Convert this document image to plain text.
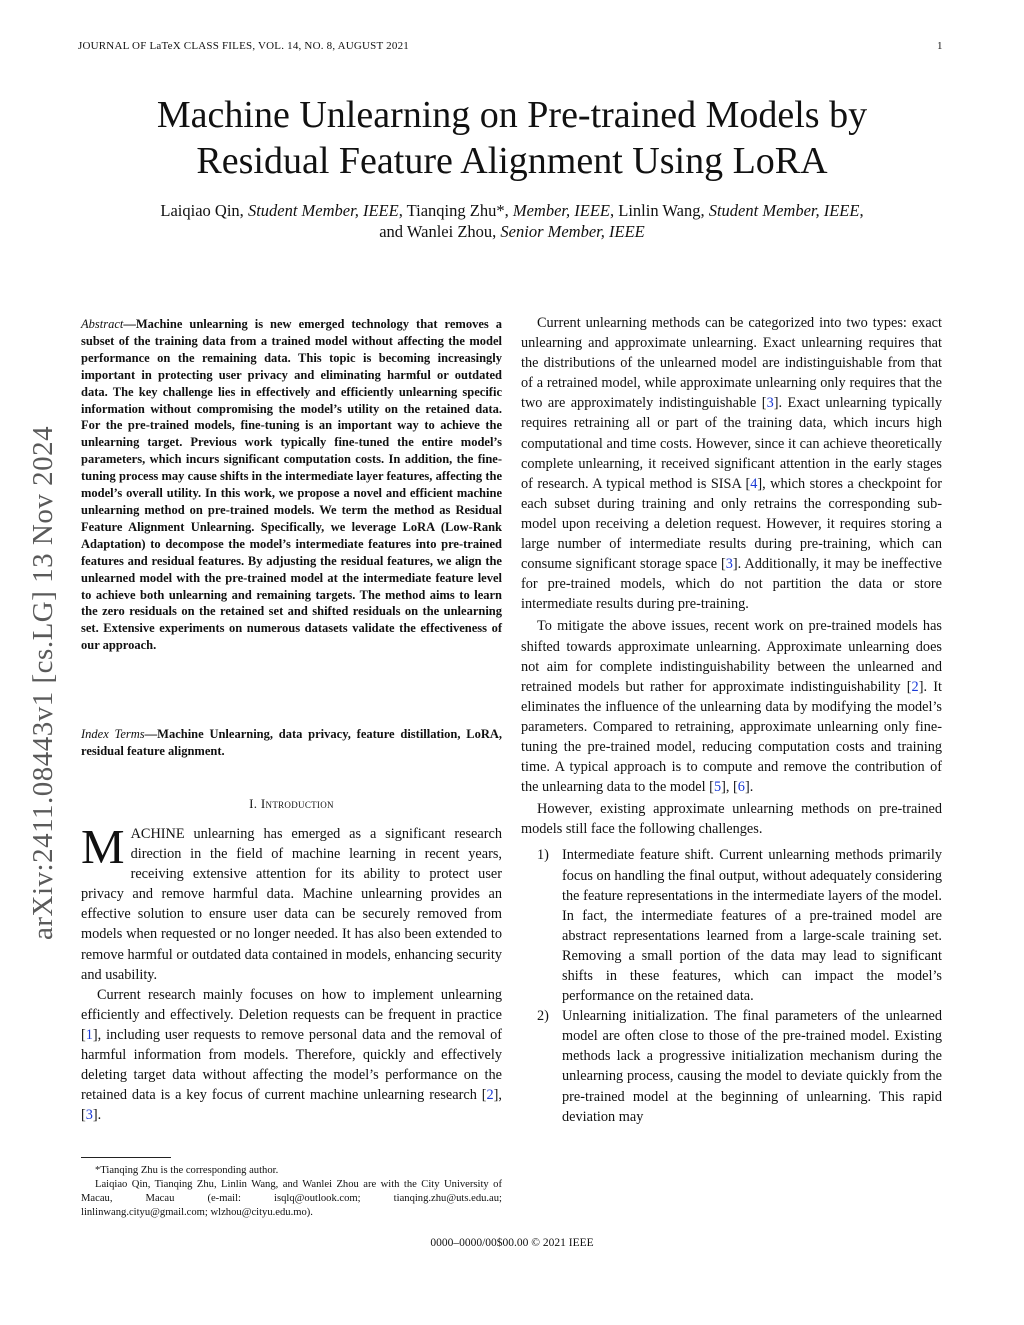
JOURNAL OF LaTeX CLASS FILES, VOL. 14, NO. 8, AUGUST 2021	1
arXiv:2411.08443v1 [cs.LG] 13 Nov 2024
Machine Unlearning on Pre-trained Models by
Residual Feature Alignment Using LoRA
Laiqiao Qin, Student Member, IEEE, Tianqing Zhu*, Member, IEEE, Linlin Wang, Student Member, IEEE,
and Wanlei Zhou, Senior Member, IEEE
Abstract—Machine unlearning is new emerged technology that removes a subset of the training data from a trained model without affecting the model performance on the remaining data. This topic is becoming increasingly important in protecting user privacy and eliminating harmful or outdated data. The key challenge lies in effectively and efficiently unlearning specific information without compromising the model’s utility on the retained data. For the pre-trained models, fine-tuning is an important way to achieve the unlearning target. Previous work typically fine-tuned the entire model’s parameters, which incurs significant computation costs. In addition, the fine-tuning process may cause shifts in the intermediate layer features, affecting the model’s overall utility. In this work, we propose a novel and efficient machine unlearning method on pre-trained models. We term the method as Residual Feature Alignment Unlearning. Specifically, we leverage LoRA (Low-Rank Adaptation) to decompose the model’s intermediate features into pre-trained features and residual features. By adjusting the residual features, we align the unlearned model with the pre-trained model at the intermediate feature level to achieve both unlearning and remaining targets. The method aims to learn the zero residuals on the retained set and shifted residuals on the unlearning set. Extensive experiments on numerous datasets validate the effectiveness of our approach.
Index Terms—Machine Unlearning, data privacy, feature distillation, LoRA, residual feature alignment.
I. Introduction

MACHINE unlearning has emerged as a significant research direction in the field of machine learning in recent years, receiving extensive attention for its ability to protect user privacy and remove harmful data. Machine unlearning provides an effective solution to ensure user data can be securely removed from models when requested or no longer needed. It has also been extended to remove harmful or outdated data contained in models, enhancing security and usability.

Current research mainly focuses on how to implement unlearning efficiently and effectively. Deletion requests can be frequent in practice [1], including user requests to remove personal data and the removal of harmful information from models. Therefore, quickly and effectively deleting target data without affecting the model’s performance on the retained data is a key focus of current machine unlearning research [2], [3].

*Tianqing Zhu is the corresponding author.

Laiqiao Qin, Tianqing Zhu, Linlin Wang, and Wanlei Zhou are with the City University of Macau, Macau (e-mail: isqlq@outlook.com; tianqing.zhu@uts.edu.au; linlinwang.cityu@gmail.com; wlzhou@cityu.edu.mo).

Current unlearning methods can be categorized into two types: exact unlearning and approximate unlearning. Exact unlearning requires that the distributions of the unlearned model are indistinguishable from that of a retrained model, while approximate unlearning only requires that the two are approximately indistinguishable [3]. Exact unlearning typically requires retraining all or part of the training data, which incurs high computational and time costs. However, since it can achieve theoretically complete unlearning, it received significant attention in the early stages of research. A typical method is SISA [4], which stores a checkpoint for each subset during training and only retrains the corresponding sub-model upon receiving a deletion request. However, it requires storing a large number of intermediate results during pre-training, which can consume significant storage space [3]. Additionally, it may be ineffective for pre-trained models, which do not partition the data or store intermediate results during pre-training.

To mitigate the above issues, recent work on pre-trained models has shifted towards approximate unlearning. Approximate unlearning does not aim for complete indistinguishability between the unlearned and retrained models but rather for approximate indistinguishability [2]. It eliminates the influence of the unlearning data by modifying the model’s parameters. Compared to retraining, approximate unlearning only fine-tuning the pre-trained model, reducing computation costs and training time. A typical approach is to compute and remove the contribution of the unlearning data to the model [5], [6].

However, existing approximate unlearning methods on pre-trained models still face the following challenges.

1) Intermediate feature shift. Current unlearning methods primarily focus on handling the final output, without adequately considering the feature representations in the intermediate layers of the model. In fact, the intermediate features of a pre-trained model are abstract representations learned from a large-scale training set. Removing a small portion of the data may lead to significant shifts in these features, which can impact the model’s performance on the retained data.
2) Unlearning initialization. The final parameters of the unlearned model are often close to those of the pre-trained model. Existing methods lack a progressive initialization mechanism during the unlearning process, causing the model to deviate quickly from the pre-trained model at the beginning of unlearning. This rapid deviation may
0000–0000/00$00.00 © 2021 IEEE
